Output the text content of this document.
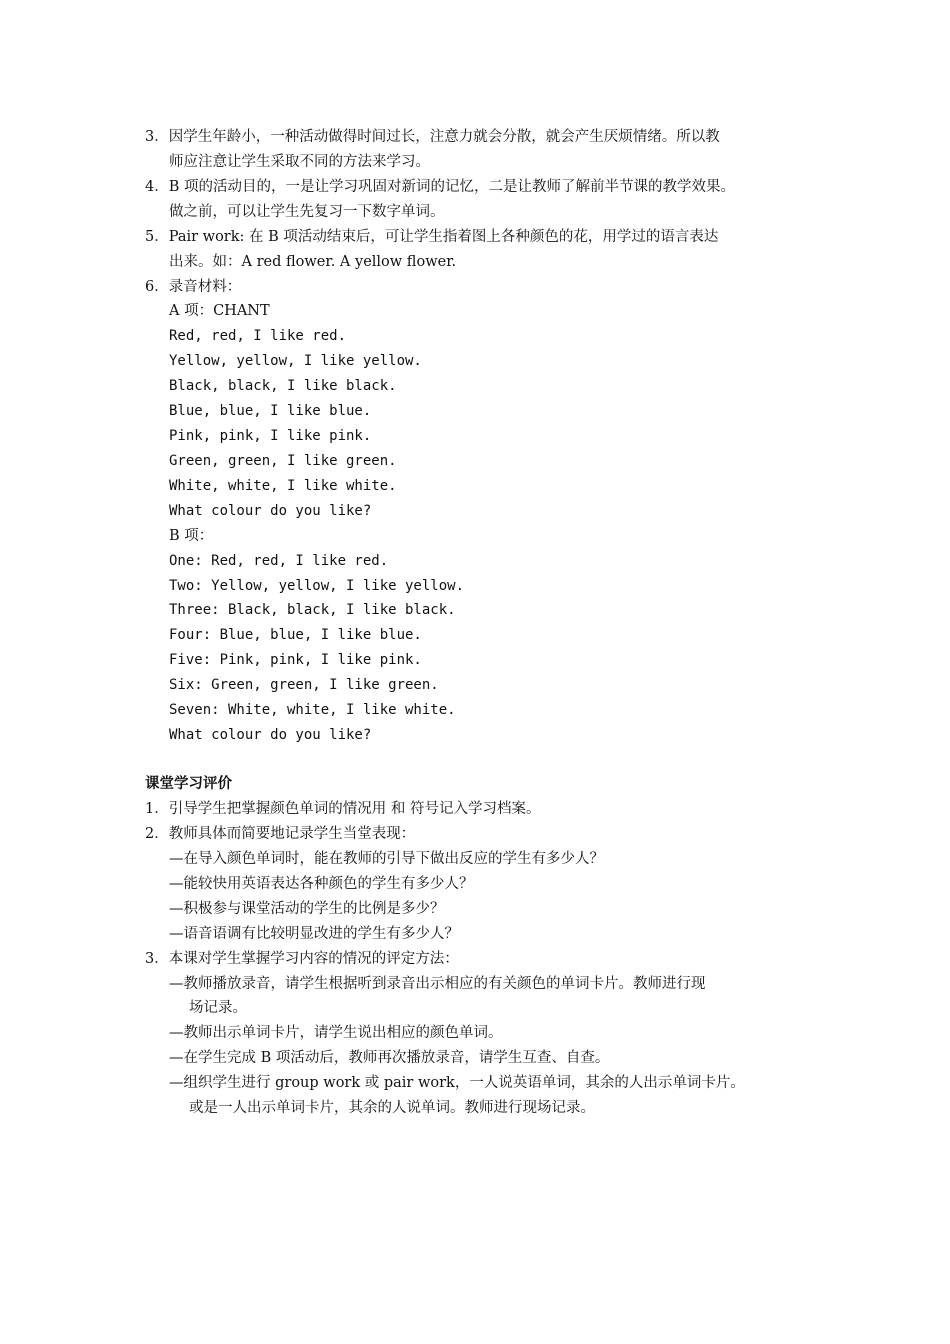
3．因学生年龄小，一种活动做得时间过长，注意力就会分散，就会产生厌烦情绪。所以教
师应注意让学生采取不同的方法来学习。
4．B 项的活动目的，一是让学习巩固对新词的记忆，二是让教师了解前半节课的教学效果。
做之前，可以让学生先复习一下数字单词。
5．Pair work: 在 B 项活动结束后，可让学生指着图上各种颜色的花，用学过的语言表达
出来。如：A red flower. A yellow flower.
6．录音材料：
A 项：CHANT
Red, red, I like red.
Yellow, yellow, I like yellow.
Black, black, I like black.
Blue, blue, I like blue.
Pink, pink, I like pink.
Green, green, I like green.
White, white, I like white.
What colour do you like?
B 项：
One: Red, red, I like red.
Two: Yellow, yellow, I like yellow.
Three: Black, black, I like black.
Four: Blue, blue, I like blue.
Five: Pink, pink, I like pink.
Six: Green, green, I like green.
Seven: White, white, I like white.
What colour do you like?
课堂学习评价
1．引导学生把掌握颜色单词的情况用 和 符号记入学习档案。
2．教师具体而简要地记录学生当堂表现：
—在导入颜色单词时，能在教师的引导下做出反应的学生有多少人？
—能较快用英语表达各种颜色的学生有多少人？
—积极参与课堂活动的学生的比例是多少？
—语音语调有比较明显改进的学生有多少人？
3．本课对学生掌握学习内容的情况的评定方法：
—教师播放录音，请学生根据听到录音出示相应的有关颜色的单词卡片。教师进行现
场记录。
—教师出示单词卡片，请学生说出相应的颜色单词。
—在学生完成 B 项活动后，教师再次播放录音，请学生互查、自查。
—组织学生进行 group work 或 pair work，一人说英语单词，其余的人出示单词卡片。
或是一人出示单词卡片，其余的人说单词。教师进行现场记录。
